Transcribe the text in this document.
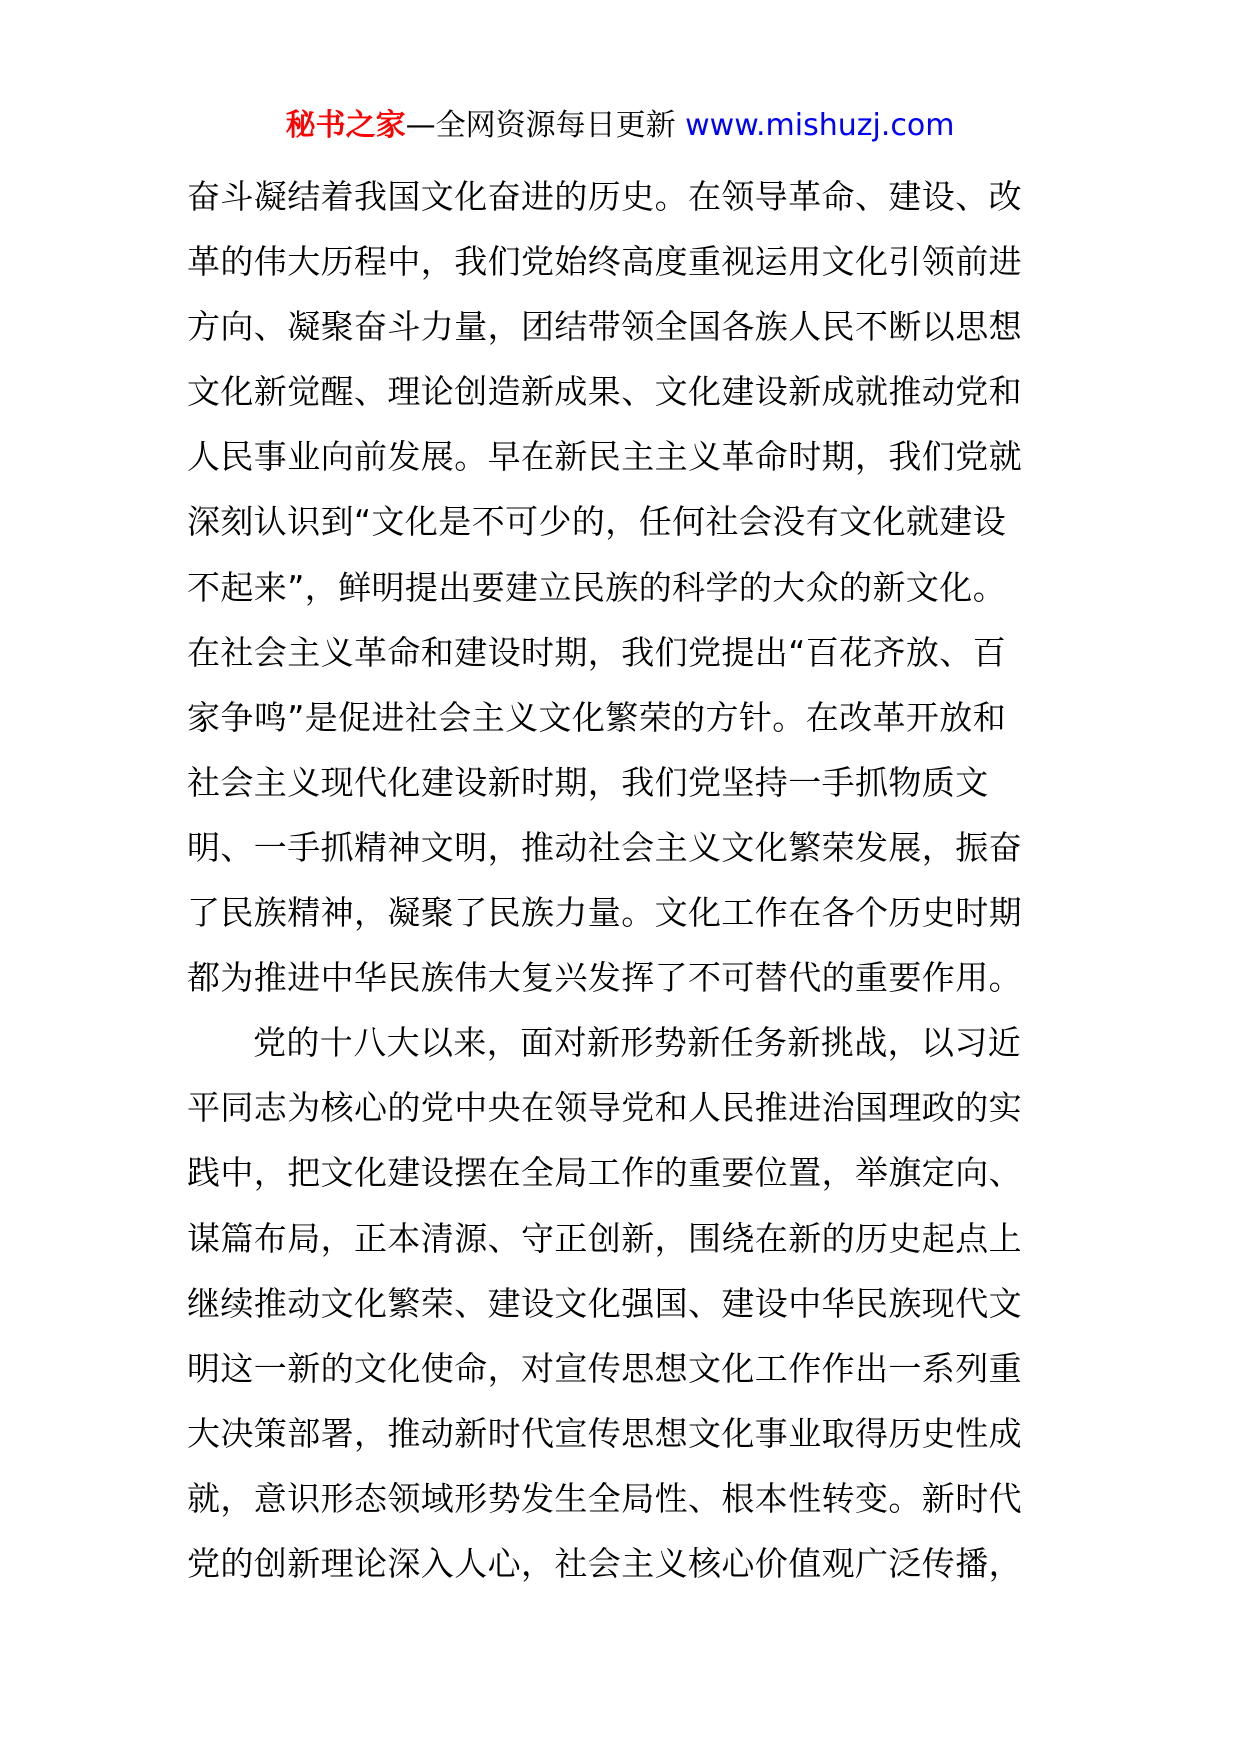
秘书之家—全网资源每日更新 www.mishuzj.com
奋斗凝结着我国文化奋进的历史。在领导革命、建设、改
革的伟大历程中，我们党始终高度重视运用文化引领前进
方向、凝聚奋斗力量，团结带领全国各族人民不断以思想
文化新觉醒、理论创造新成果、文化建设新成就推动党和
人民事业向前发展。早在新民主主义革命时期，我们党就
深刻认识到“文化是不可少的，任何社会没有文化就建设
不起来”，鲜明提出要建立民族的科学的大众的新文化。
在社会主义革命和建设时期，我们党提出“百花齐放、百
家争鸣”是促进社会主义文化繁荣的方针。在改革开放和
社会主义现代化建设新时期，我们党坚持一手抓物质文
明、一手抓精神文明，推动社会主义文化繁荣发展，振奋
了民族精神，凝聚了民族力量。文化工作在各个历史时期
都为推进中华民族伟大复兴发挥了不可替代的重要作用。
党的十八大以来，面对新形势新任务新挑战，以习近
平同志为核心的党中央在领导党和人民推进治国理政的实
践中，把文化建设摆在全局工作的重要位置，举旗定向、
谋篇布局，正本清源、守正创新，围绕在新的历史起点上
继续推动文化繁荣、建设文化强国、建设中华民族现代文
明这一新的文化使命，对宣传思想文化工作作出一系列重
大决策部署，推动新时代宣传思想文化事业取得历史性成
就，意识形态领域形势发生全局性、根本性转变。新时代
党的创新理论深入人心，社会主义核心价值观广泛传播，
